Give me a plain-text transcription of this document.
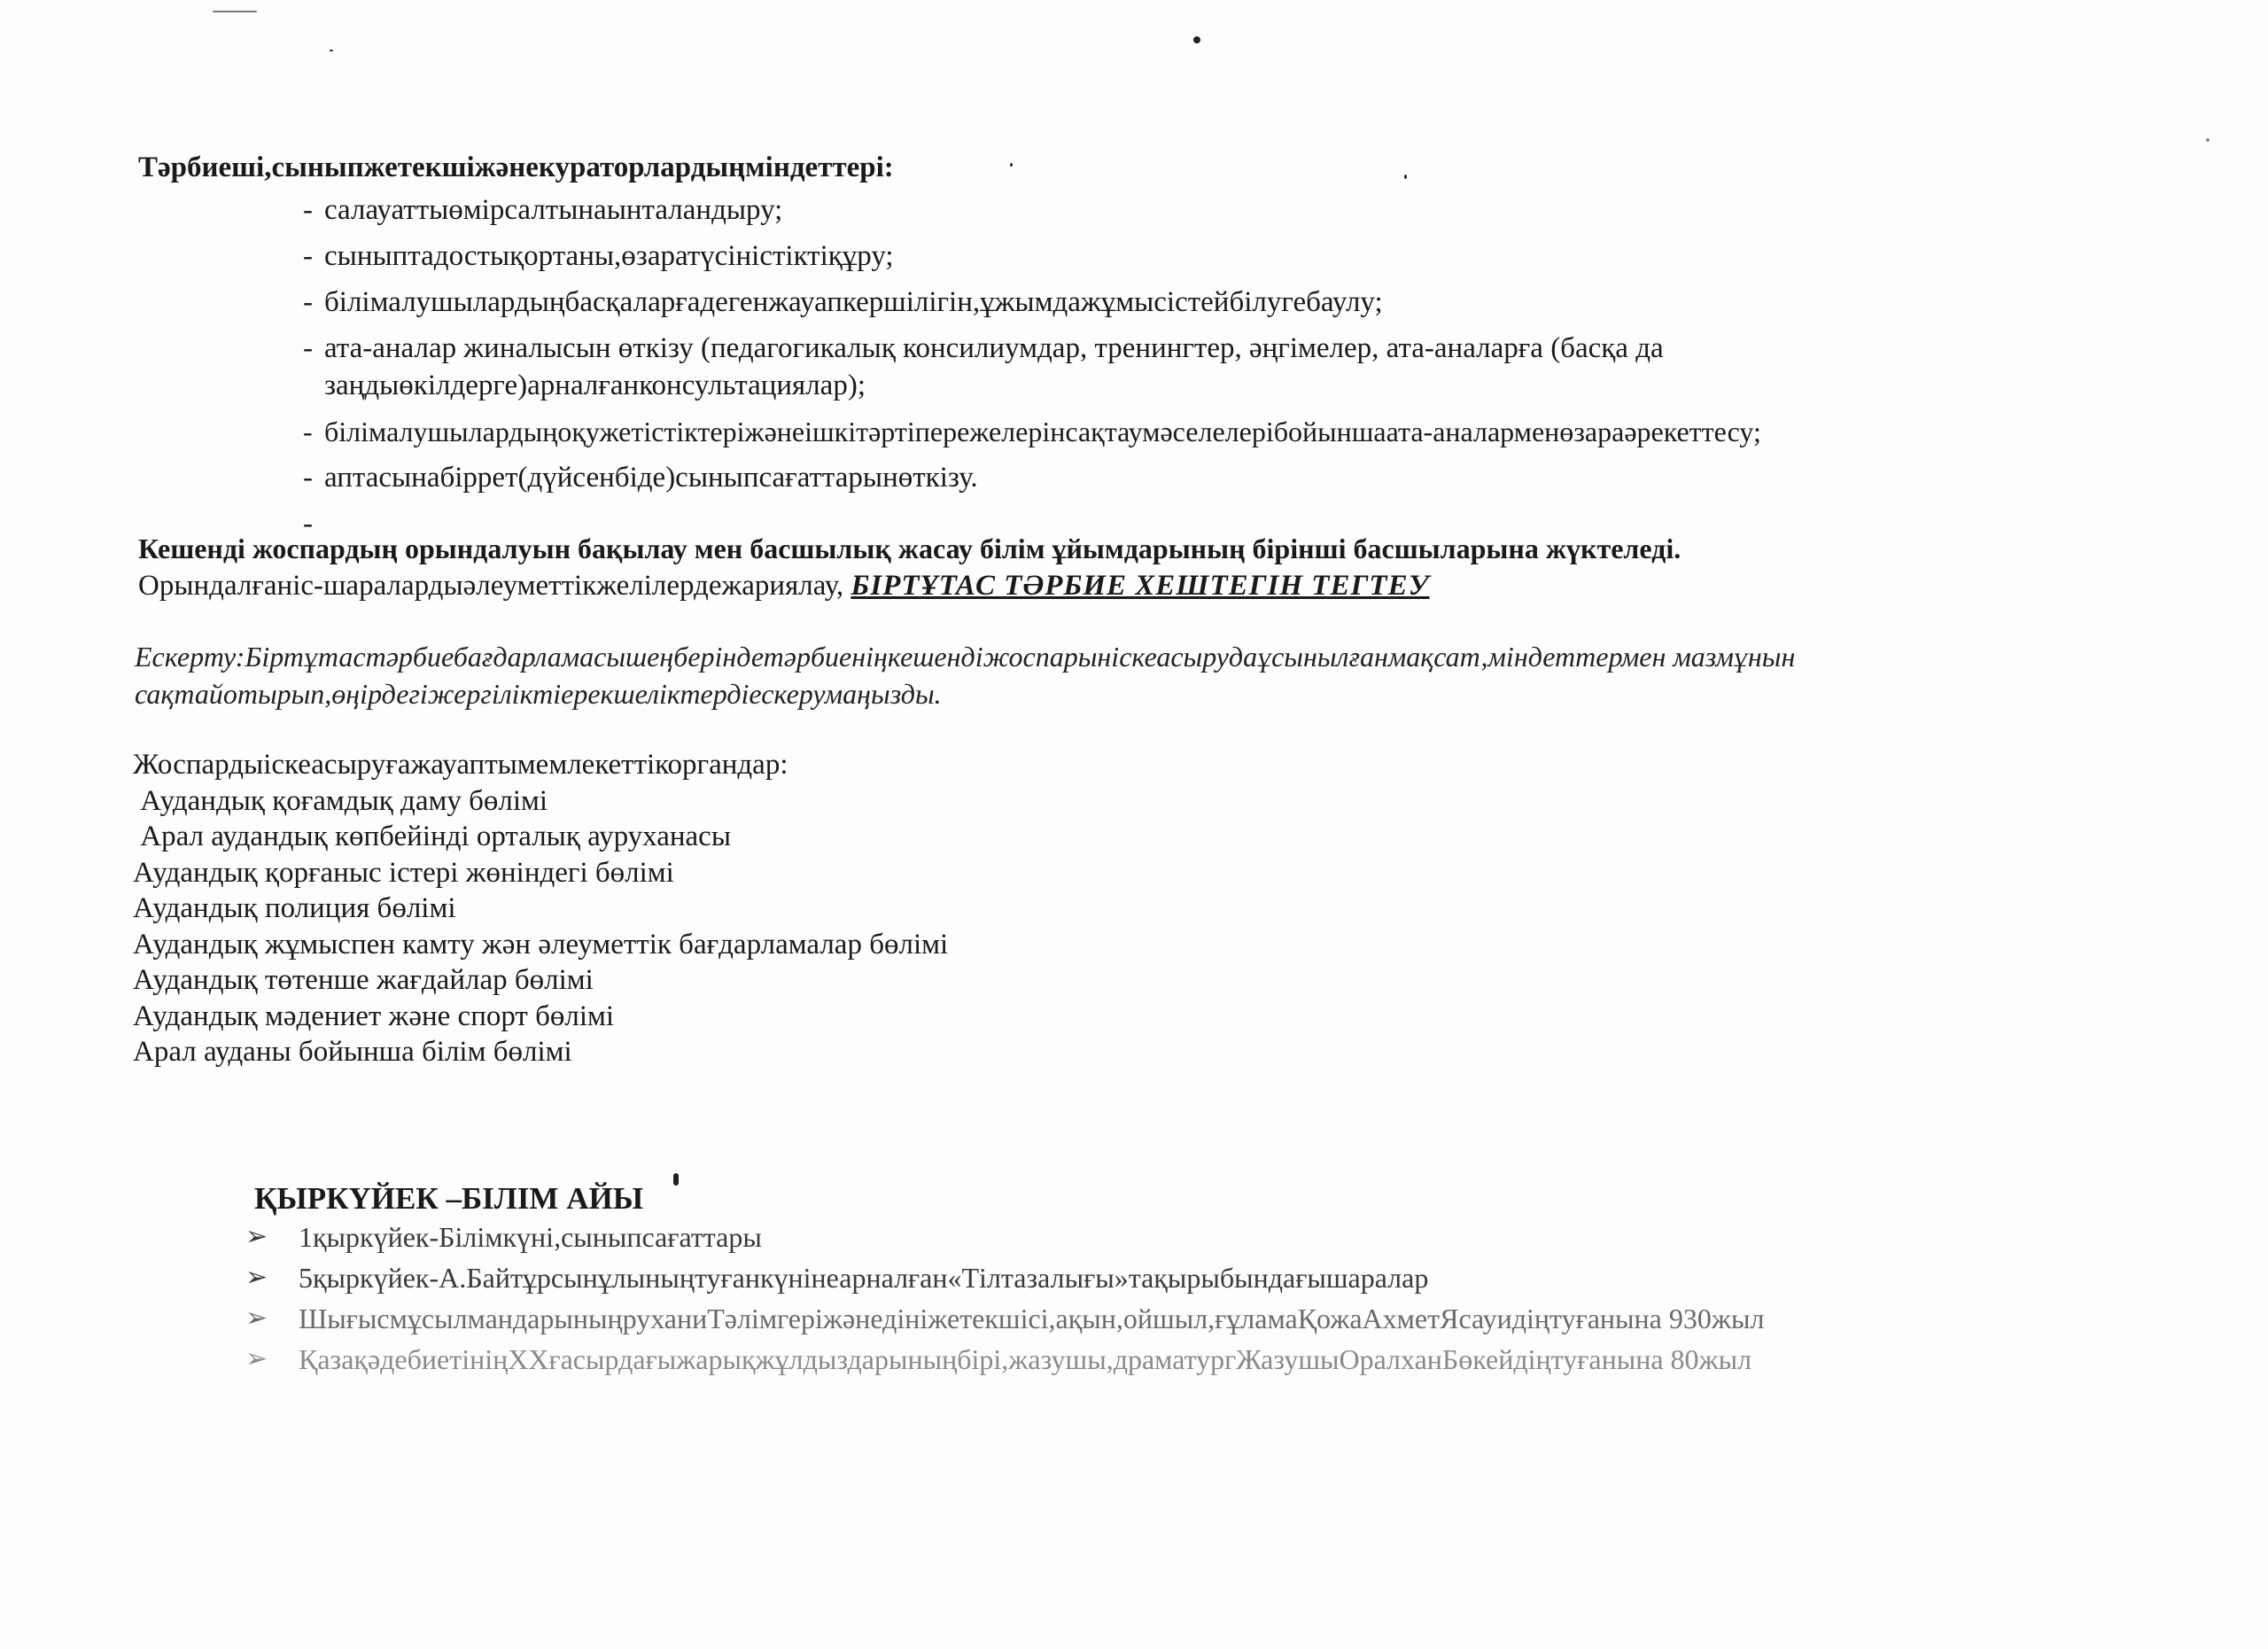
Тәрбиеші,сыныпжетекшіжәнекураторлардыңміндеттері:
- салауаттыөмірсалтынаынталандыру;
- сыныптадостықортаны,өзаратүсіністіктіқұру;
- білімалушылардыңбасқаларғадегенжауапкершілігін,ұжымдажұмысістейбілугебаулу;
- ата-аналар жиналысын өткізу (педагогикалық консилиумдар, тренингтер, әңгімелер, ата-аналарға (басқа да заңдыөкілдерге)арналғанконсультациялар);
- білімалушылардыңоқужетістіктеріжәнеішкітәртіпережелерінсақтаумәселелерібойыншаата-аналарменөзараәрекеттесу;
- аптасынабіррет(дүйсенбіде)сыныпсағаттарынөткізу.
-
Кешенді жоспардың орындалуын бақылау мен басшылық жасау білім ұйымдарының бірінші басшыларына жүктеледі.
Орындалғаніс-шаралардыәлеуметтікжелілердежариялау, БІРТҰТАС ТӘРБИЕ ХЕШТЕГІН ТЕГТЕУ
Ескерту:Біртұтастәрбиебағдарламасышеңберіндетәрбиеніңкешендіжоспарыніскеасырудаұсынылғанмақсат,міндеттермен мазмұнын сақтайотырып,өңірдегіжергіліктіерекшеліктердіескерумаңызды.
Жоспардыіскеасыруғажауаптымемлекеттікоргандар:
Аудандық қоғамдық даму бөлімі
Арал аудандық көпбейінді орталық ауруханасы
Аудандық қорғаныс істері жөніндегі бөлімі
Аудандық полиция бөлімі
Аудандық жұмыспен камту жән әлеуметтік бағдарламалар бөлімі
Аудандық төтенше жағдайлар бөлімі
Аудандық мәдениет және спорт бөлімі
Арал ауданы бойынша білім бөлімі
ҚЫРКҮЙЕК –БІЛІМ АЙЫ
➢ 1қыркүйек-Білімкүні,сыныпсағаттары
➢ 5қыркүйек-А.Байтұрсынұлыныңтуғанкүнінеарналған«Тілтазалығы»тақырыбындағышаралар
➢ ШығысмұсылмандарыныңруханиТәлімгеріжәнедініжетекшісі,ақын,ойшыл,ғұламаҚожаАхметЯсауидіңтуғанына 930жыл
➢ ҚазақәдебиетініңXXғасырдағыжарықжұлдыздарыныңбірі,жазушы,драматургЖазушыОралханБөкейдіңтуғанына 80жыл
